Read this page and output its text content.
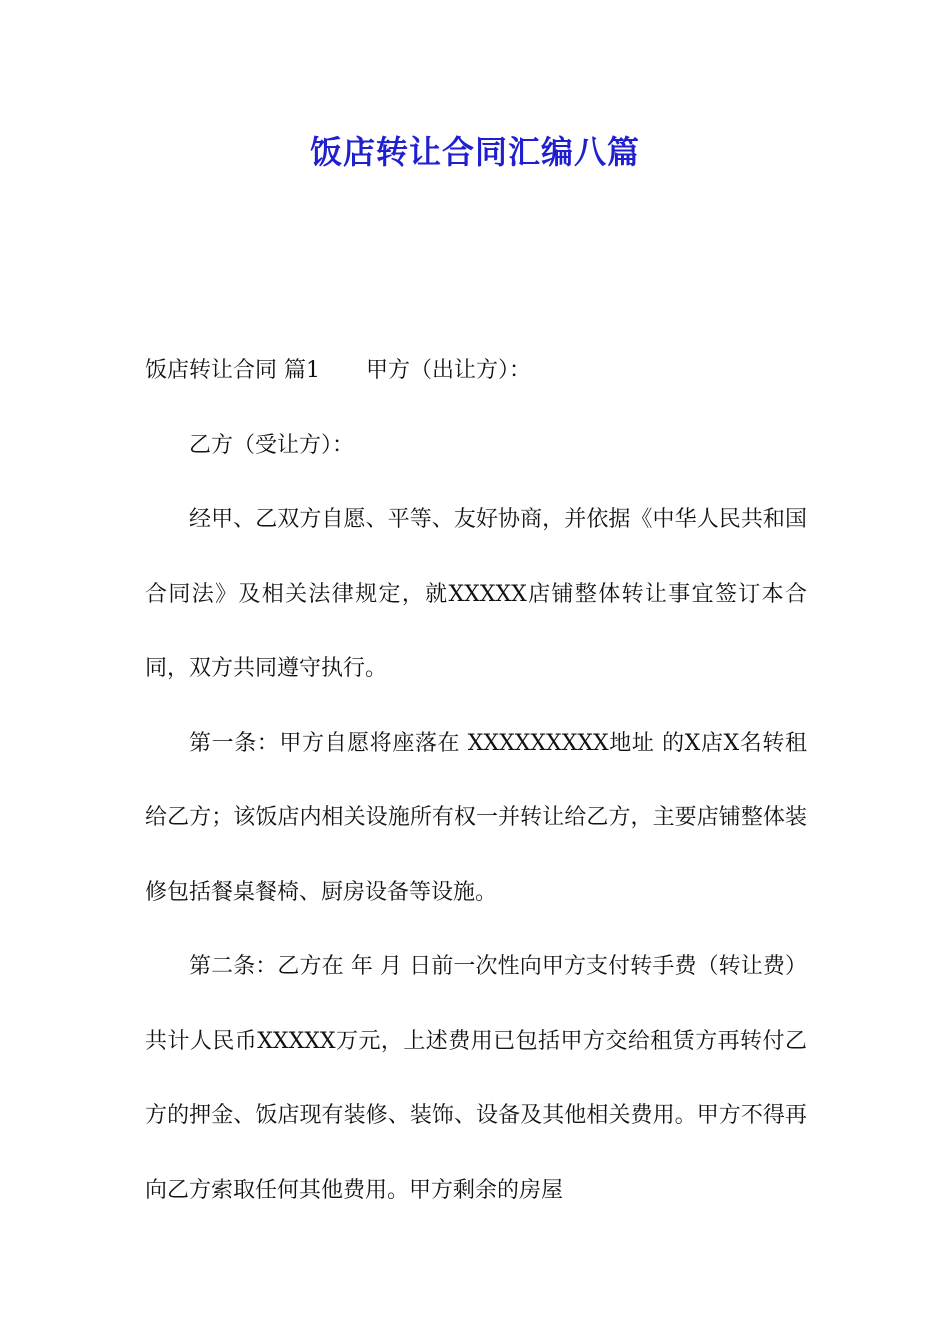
饭店转让合同汇编八篇

饭店转让合同 篇1 甲方（出让方）：

乙方（受让方）：

经甲、乙双方自愿、平等、友好协商，并依据《中华人民共和国合同法》及相关法律规定，就XXXXX店铺整体转让事宜签订本合同，双方共同遵守执行。

第一条：甲方自愿将座落在 XXXXXXXXX地址 的X店X名转租给乙方；该饭店内相关设施所有权一并转让给乙方，主要店铺整体装修包括餐桌餐椅、厨房设备等设施。

第二条：乙方在 年 月 日前一次性向甲方支付转手费（转让费）共计人民币XXXXX万元，上述费用已包括甲方交给租赁方再转付乙方的押金、饭店现有装修、装饰、设备及其他相关费用。甲方不得再向乙方索取任何其他费用。甲方剩余的房屋
